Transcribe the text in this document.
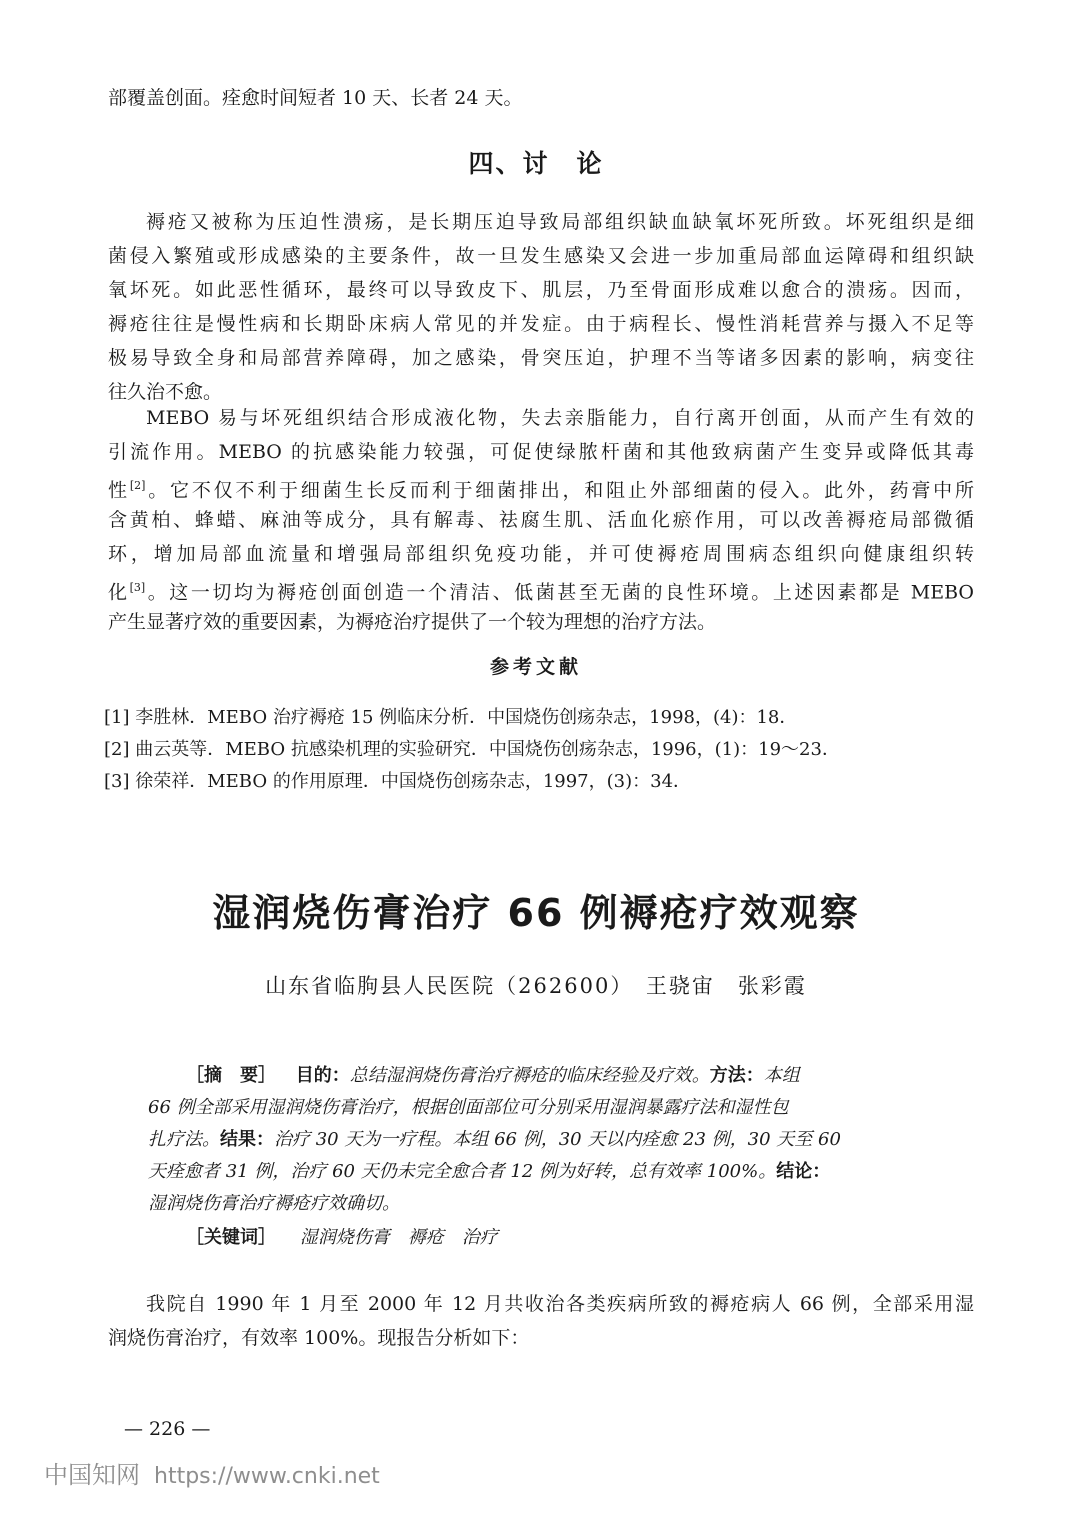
部覆盖创面。痊愈时间短者 10 天、长者 24 天。
四、讨　论
褥疮又被称为压迫性溃疡，是长期压迫导致局部组织缺血缺氧坏死所致。坏死组织是细
菌侵入繁殖或形成感染的主要条件，故一旦发生感染又会进一步加重局部血运障碍和组织缺
氧坏死。如此恶性循环，最终可以导致皮下、肌层，乃至骨面形成难以愈合的溃疡。因而，
褥疮往往是慢性病和长期卧床病人常见的并发症。由于病程长、慢性消耗营养与摄入不足等
极易导致全身和局部营养障碍，加之感染，骨突压迫，护理不当等诸多因素的影响，病变往
往久治不愈。
MEBO 易与坏死组织结合形成液化物，失去亲脂能力，自行离开创面，从而产生有效的
引流作用。MEBO 的抗感染能力较强，可促使绿脓杆菌和其他致病菌产生变异或降低其毒
性[2]。它不仅不利于细菌生长反而利于细菌排出，和阻止外部细菌的侵入。此外，药膏中所
含黄柏、蜂蜡、麻油等成分，具有解毒、祛腐生肌、活血化瘀作用，可以改善褥疮局部微循
环，增加局部血流量和增强局部组织免疫功能，并可使褥疮周围病态组织向健康组织转
化[3]。这一切均为褥疮创面创造一个清洁、低菌甚至无菌的良性环境。上述因素都是 MEBO
产生显著疗效的重要因素，为褥疮治疗提供了一个较为理想的治疗方法。
参考文献
[1] 李胜林．MEBO 治疗褥疮 15 例临床分析．中国烧伤创疡杂志，1998，(4)：18．
[2] 曲云英等．MEBO 抗感染机理的实验研究．中国烧伤创疡杂志，1996，(1)：19～23．
[3] 徐荣祥．MEBO 的作用原理．中国烧伤创疡杂志，1997，(3)：34．
湿润烧伤膏治疗 66 例褥疮疗效观察
山东省临朐县人民医院（262600）　王骁宙　张彩霞
［摘　要］ 目的：总结湿润烧伤膏治疗褥疮的临床经验及疗效。方法：本组
66 例全部采用湿润烧伤膏治疗，根据创面部位可分别采用湿润暴露疗法和湿性包
扎疗法。结果：治疗 30 天为一疗程。本组 66 例，30 天以内痊愈 23 例，30 天至 60
天痊愈者 31 例，治疗 60 天仍未完全愈合者 12 例为好转，总有效率 100%。结论：
湿润烧伤膏治疗褥疮疗效确切。
［关键词］ 湿润烧伤膏　褥疮　治疗
我院自 1990 年 1 月至 2000 年 12 月共收治各类疾病所致的褥疮病人 66 例，全部采用湿
润烧伤膏治疗，有效率 100%。现报告分析如下：
— 226 —
中国知网 https://www.cnki.net
